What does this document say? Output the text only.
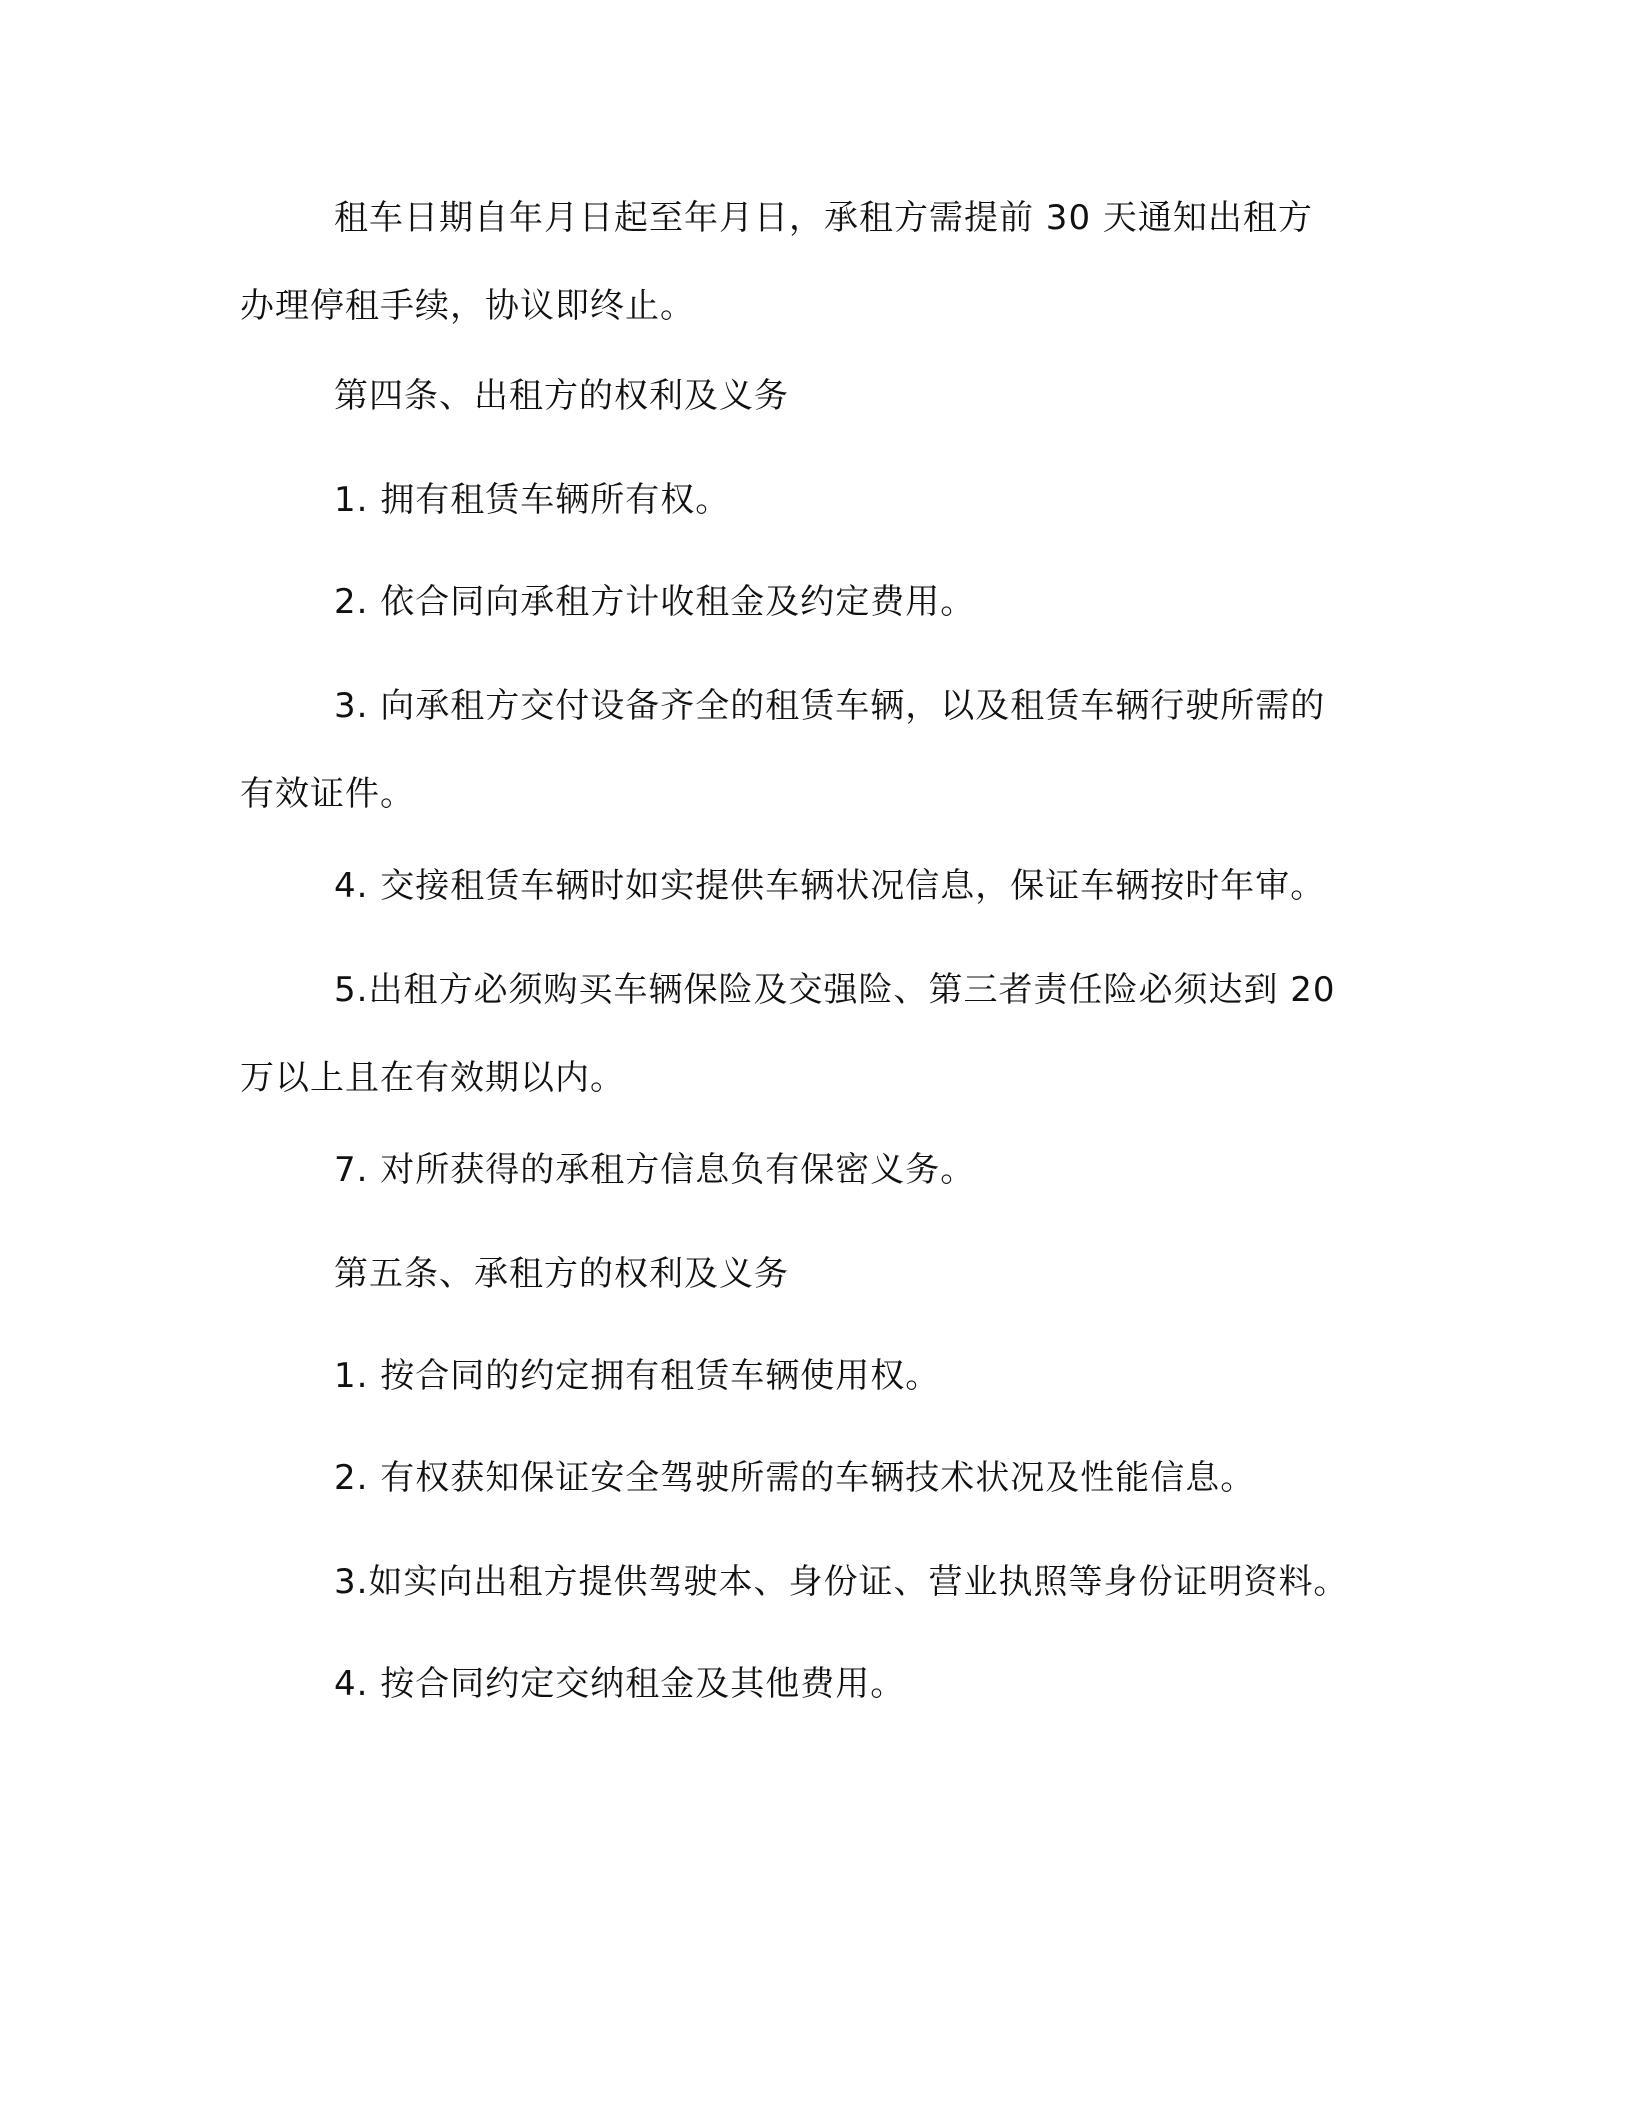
租车日期自年月日起至年月日，承租方需提前 30 天通知出租方
办理停租手续，协议即终止。
第四条、出租方的权利及义务
1. 拥有租赁车辆所有权。
2. 依合同向承租方计收租金及约定费用。
3. 向承租方交付设备齐全的租赁车辆，以及租赁车辆行驶所需的
有效证件。
4. 交接租赁车辆时如实提供车辆状况信息，保证车辆按时年审。
5.出租方必须购买车辆保险及交强险、第三者责任险必须达到 20
万以上且在有效期以内。
7. 对所获得的承租方信息负有保密义务。
第五条、承租方的权利及义务
1. 按合同的约定拥有租赁车辆使用权。
2. 有权获知保证安全驾驶所需的车辆技术状况及性能信息。
3.如实向出租方提供驾驶本、身份证、营业执照等身份证明资料。
4. 按合同约定交纳租金及其他费用。
